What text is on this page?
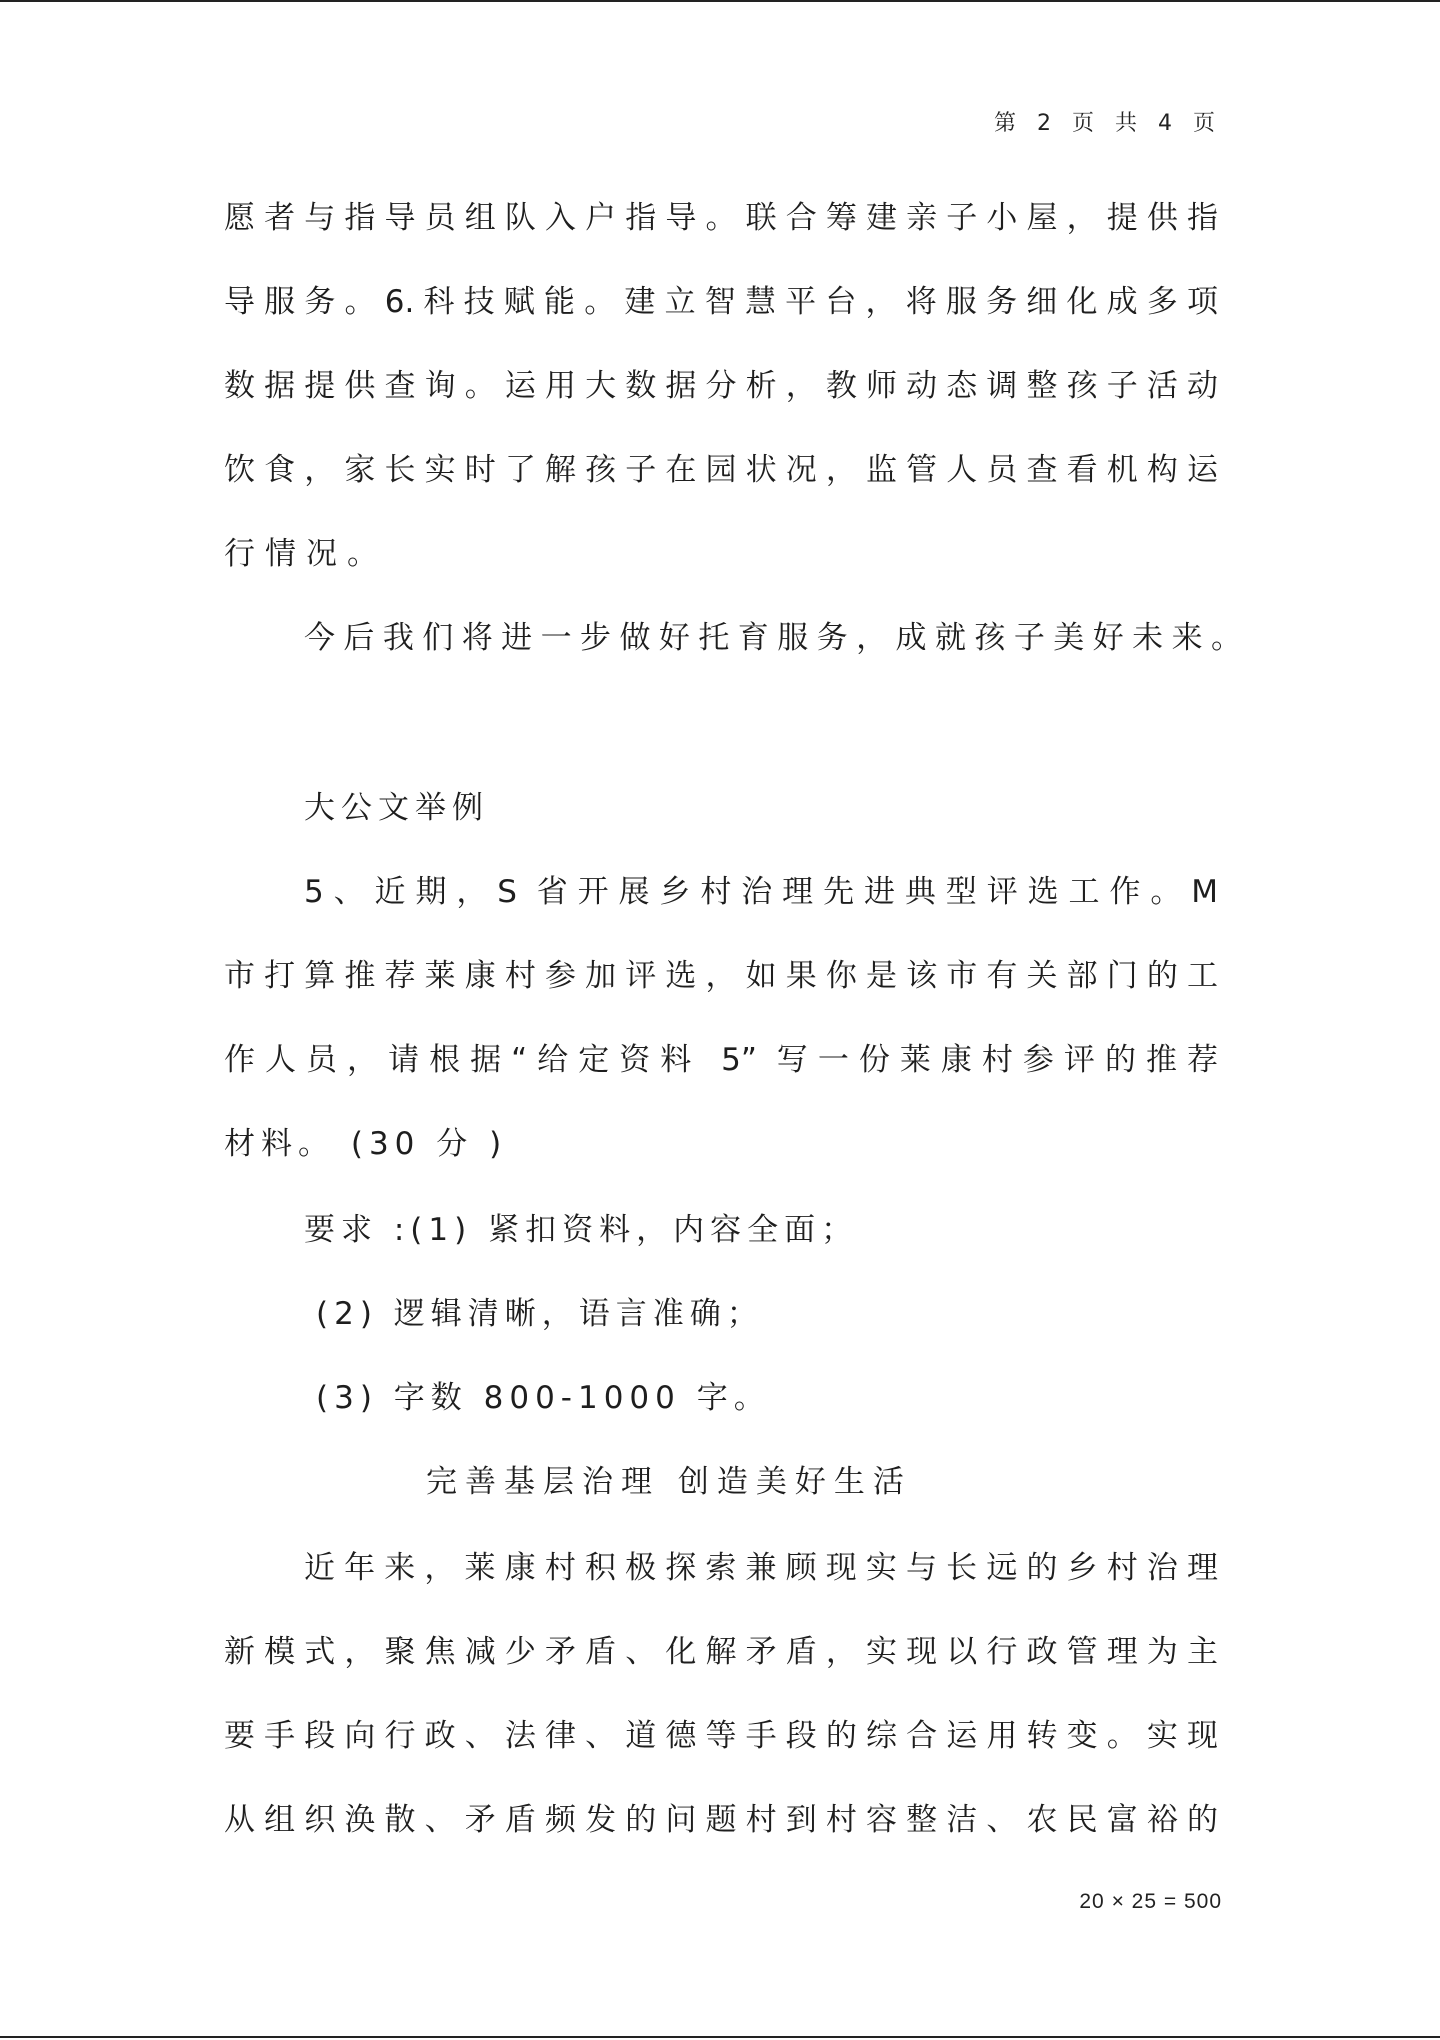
第 2 页 共 4 页
愿者与指导员组队入户指导。联合筹建亲子小屋，提供指
导服务。6.科技赋能。建立智慧平台，将服务细化成多项
数据提供查询。运用大数据分析，教师动态调整孩子活动
饮食，家长实时了解孩子在园状况，监管人员查看机构运
行情况。
今后我们将进一步做好托育服务，成就孩子美好未来。
大公文举例
5、近期，S 省开展乡村治理先进典型评选工作。M
市打算推荐莱康村参加评选，如果你是该市有关部门的工
作人员，请根据“给定资料 5” 写一份莱康村参评的推荐
材料。 (30 分 )
要求 :(1) 紧扣资料，内容全面；
(2) 逻辑清晰，语言准确；
(3) 字数 800-1000 字。
完善基层治理 创造美好生活
近年来，莱康村积极探索兼顾现实与长远的乡村治理
新模式，聚焦减少矛盾、化解矛盾，实现以行政管理为主
要手段向行政、法律、道德等手段的综合运用转变。实现
从组织涣散、矛盾频发的问题村到村容整洁、农民富裕的
20 × 25 = 500
